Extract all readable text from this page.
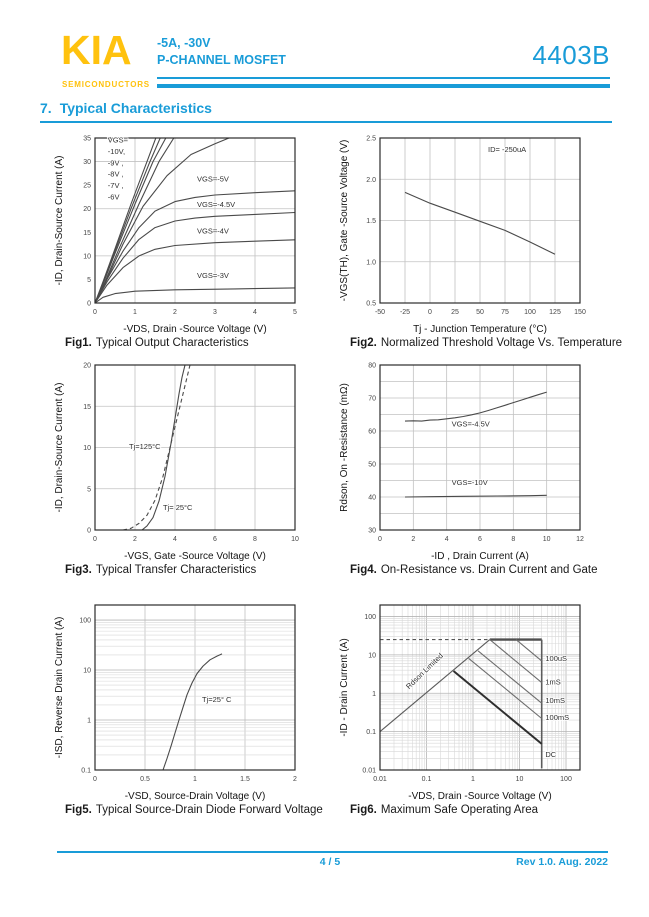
KIA
SEMICONDUCTORS
-5A, -30V
P-CHANNEL MOSFET	4403B
7. Typical Characteristics
0	1	2	3	4	5
0
5
10
15
20
25
30
35 VGS=
-10V,
-9V ,
-8V ,
-7V ,
-6V
VGS=-5V
VGS=-4.5V
VGS=-4V
VGS=-3V
-VDS, Drain -Source Voltage (V)
-ID, Drain-Source Current (A)
Fig1. Typical Output Characteristics
-50 -25	0	25 50 75 100 125 150
0.5
1.0
1.5
2.0
2.5
ID= -250uA
Tj - Junction Temperature (°C)
-VGS(TH), Gate -Source Voltage (V)
Fig2. Normalized Threshold Voltage Vs. Temperature
0	2	4	6	8	10
0
5
10
15
20
Tj=125°C
Tj= 25°C
-VGS, Gate -Source Voltage (V)
-ID, Drain-Source Current (A)
Fig3. Typical Transfer Characteristics
0	2	4	6	8	10	12
30
40
50
60
70
80
VGS=-4.5V
VGS=-10V
-ID , Drain Current (A)
Rdson, On -Resistance (mΩ)
Fig4. On-Resistance vs. Drain Current and Gate
0	0.5	1	1.5	2
0.1
1
10
100
Tj=25° C
-VSD, Source-Drain Voltage (V)
-ISD, Reverse Drain Current (A)
Fig5. Typical Source-Drain Diode Forward Voltage
0.01	0.1	1	10	100
0.01
0.1
1
10
100
100uS
1mS
10mS
100mS
DC
Rdson Limited
-VDS, Drain -Source Voltage (V)
-ID - Drain Current (A)
Fig6. Maximum Safe Operating Area
4 / 5	Rev 1.0. Aug. 2022
